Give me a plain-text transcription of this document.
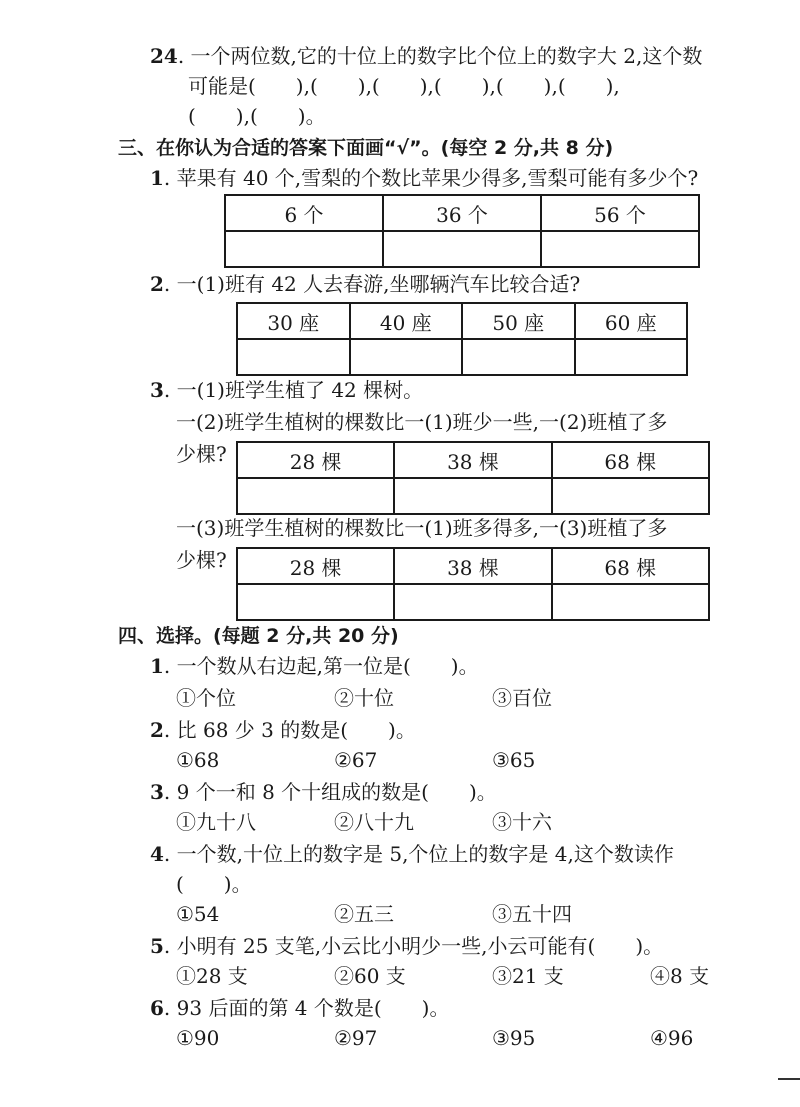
24. 一个两位数,它的十位上的数字比个位上的数字大 2,这个数
可能是(　　),(　　),(　　),(　　),(　　),(　　),
(　　),(　　)。
三、在你认为合适的答案下面画“√”。(每空 2 分,共 8 分)
1. 苹果有 40 个,雪梨的个数比苹果少得多,雪梨可能有多少个?
6 个	36 个	56 个

2. 一(1)班有 42 人去春游,坐哪辆汽车比较合适?
30 座	40 座	50 座	60 座

3. 一(1)班学生植了 42 棵树。
一(2)班学生植树的棵数比一(1)班少一些,一(2)班植了多
少棵?	28 棵	38 棵	68 棵

一(3)班学生植树的棵数比一(1)班多得多,一(3)班植了多
少棵?	28 棵	38 棵	68 棵

四、选择。(每题 2 分,共 20 分)
1. 一个数从右边起,第一位是(　　)。
①个位	②十位	③百位
2. 比 68 少 3 的数是(　　)。
①68	②67	③65
3. 9 个一和 8 个十组成的数是(　　)。
①九十八	②八十九	③十六
4. 一个数,十位上的数字是 5,个位上的数字是 4,这个数读作
(　　)。
①54	②五三	③五十四
5. 小明有 25 支笔,小云比小明少一些,小云可能有(　　)。
①28 支	②60 支	③21 支	④8 支
6. 93 后面的第 4 个数是(　　)。
①90	②97	③95	④96
